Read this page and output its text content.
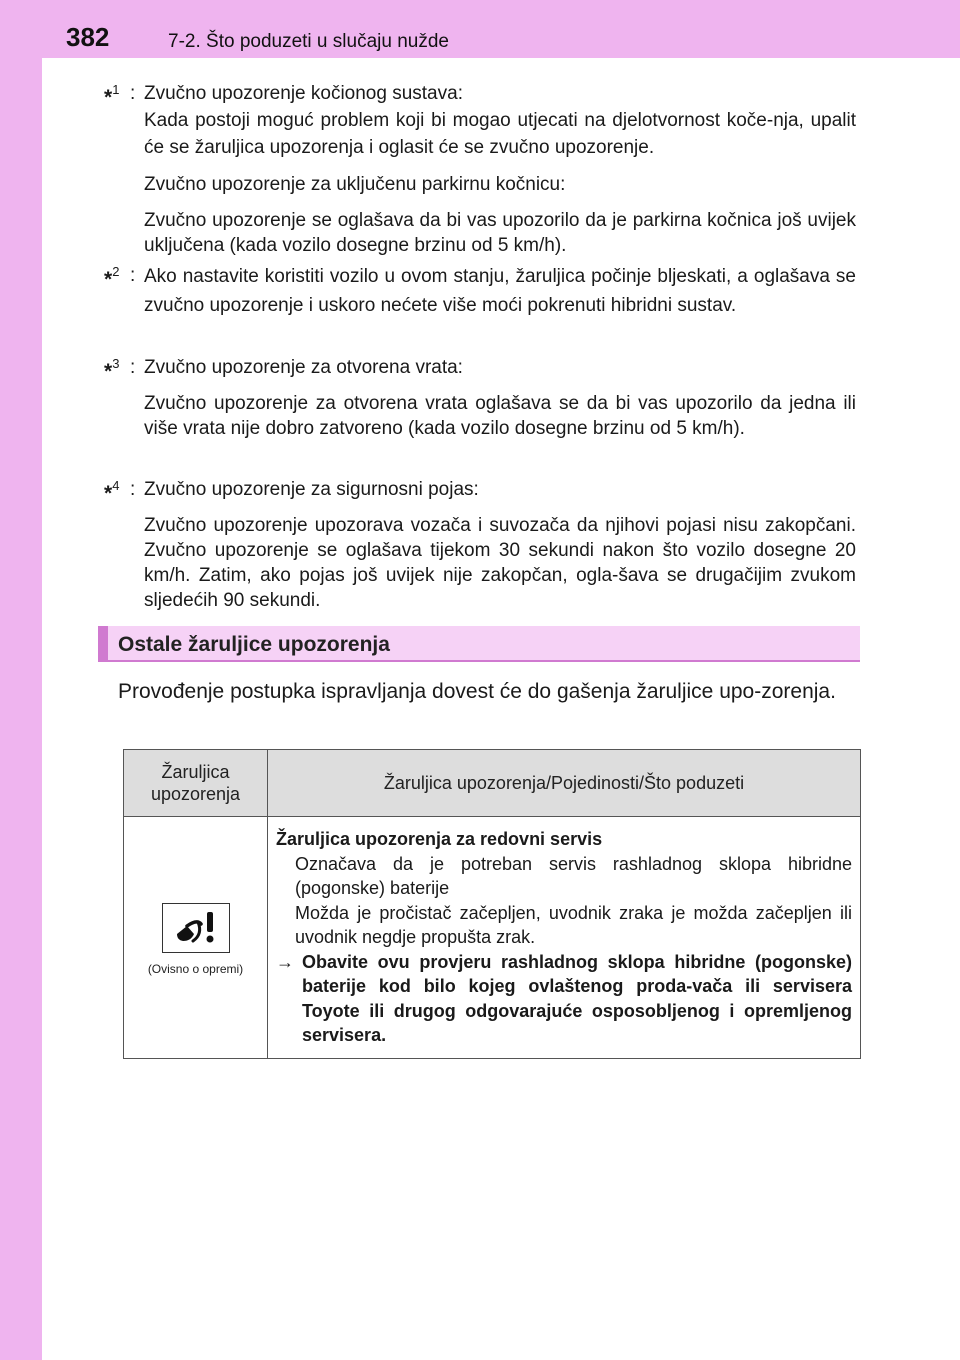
382	7-2. Što poduzeti u slučaju nužde
*$^1$ : Zvučno upozorenje kočionog sustava:
Kada postoji moguć problem koji bi mogao utjecati na djelotvornost koče-nja, upalit će se žaruljica upozorenja i oglasit će se zvučno upozorenje.
Zvučno upozorenje za uključenu parkirnu kočnicu:
Zvučno upozorenje se oglašava da bi vas upozorilo da je parkirna kočnica još uvijek uključena (kada vozilo dosegne brzinu od 5 km/h).
*$^2$ : Ako nastavite koristiti vozilo u ovom stanju, žaruljica počinje bljeskati, a oglašava se zvučno upozorenje i uskoro nećete više moći pokrenuti hibridni sustav.
*$^3$ : Zvučno upozorenje za otvorena vrata:
Zvučno upozorenje za otvorena vrata oglašava se da bi vas upozorilo da jedna ili više vrata nije dobro zatvoreno (kada vozilo dosegne brzinu od 5 km/h).
*$^4$ : Zvučno upozorenje za sigurnosni pojas:
Zvučno upozorenje upozorava vozača i suvozača da njihovi pojasi nisu zakopčani. Zvučno upozorenje se oglašava tijekom 30 sekundi nakon što vozilo dosegne 20 km/h. Zatim, ako pojas još uvijek nije zakopčan, ogla-šava se drugačijim zvukom sljedećih 90 sekundi.
Ostale žaruljice upozorenja
Provođenje postupka ispravljanja dovest će do gašenja žaruljice upo-zorenja.
Žaruljica upozorenja	Žaruljica upozorenja/Pojedinosti/Što poduzeti

(Ovisno o opremi)	Žaruljica upozorenja za redovni servis
Označava da je potreban servis rashladnog sklopa hibridne (pogonske) baterije
Možda je pročistač začepljen, uvodnik zraka je možda začepljen ili uvodnik negdje propušta zrak.
→ Obavite ovu provjeru rashladnog sklopa hibridne (pogonske) baterije kod bilo kojeg ovlaštenog proda-vača ili servisera Toyote ili drugog odgovarajuće osposobljenog i opremljenog servisera.
